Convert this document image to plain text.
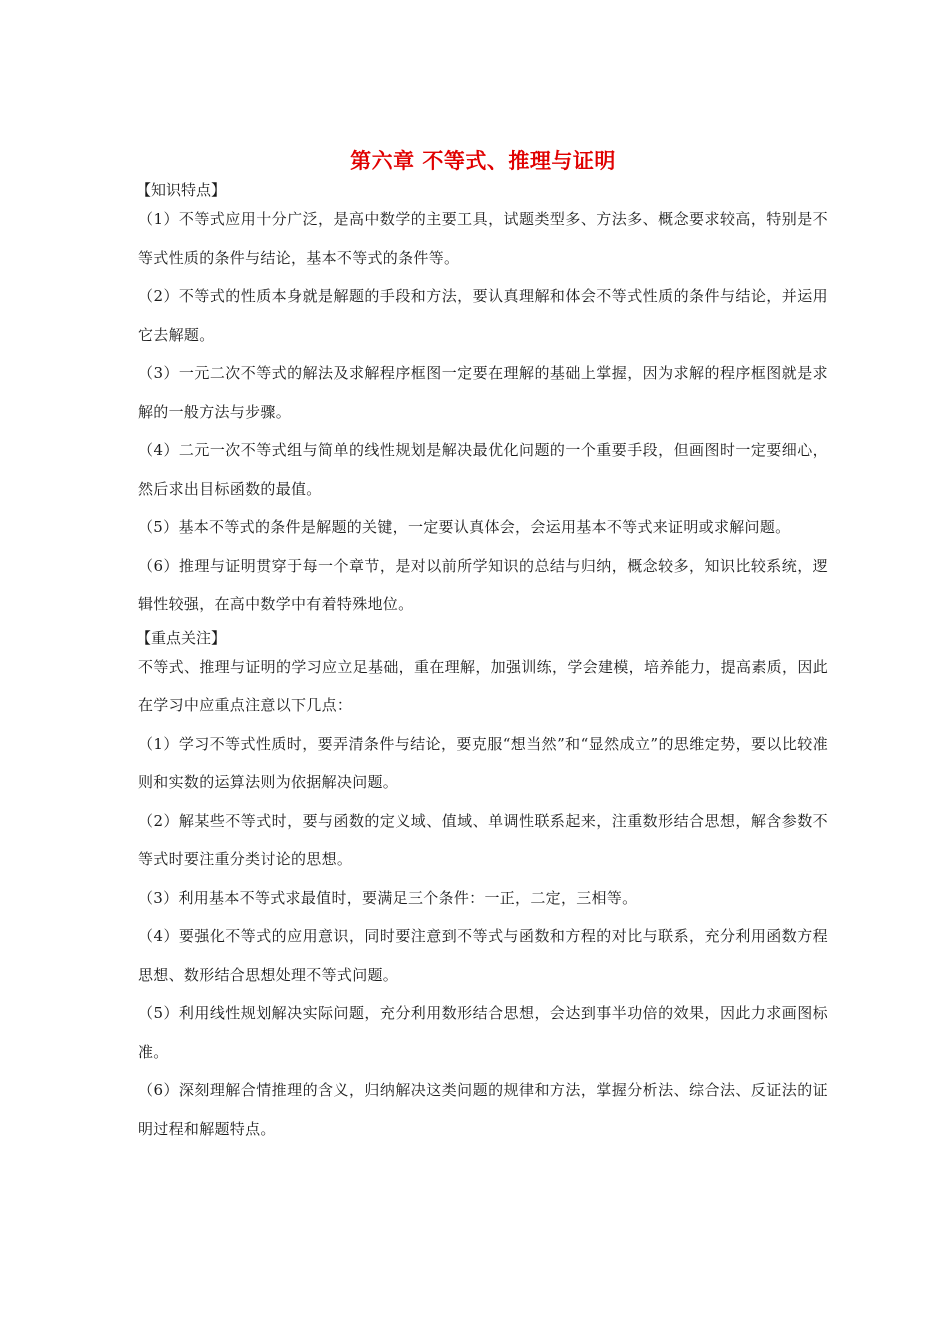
第六章 不等式、推理与证明
【知识特点】

（1）不等式应用十分广泛，是高中数学的主要工具，试题类型多、方法多、概念要求较高，特别是不等式性质的条件与结论，基本不等式的条件等。

（2）不等式的性质本身就是解题的手段和方法，要认真理解和体会不等式性质的条件与结论，并运用它去解题。

（3）一元二次不等式的解法及求解程序框图一定要在理解的基础上掌握，因为求解的程序框图就是求解的一般方法与步骤。

（4）二元一次不等式组与简单的线性规划是解决最优化问题的一个重要手段，但画图时一定要细心，然后求出目标函数的最值。

（5）基本不等式的条件是解题的关键，一定要认真体会，会运用基本不等式来证明或求解问题。

（6）推理与证明贯穿于每一个章节，是对以前所学知识的总结与归纳，概念较多，知识比较系统，逻辑性较强，在高中数学中有着特殊地位。

【重点关注】

不等式、推理与证明的学习应立足基础，重在理解，加强训练，学会建模，培养能力，提高素质，因此在学习中应重点注意以下几点：

（1）学习不等式性质时，要弄清条件与结论，要克服“想当然”和“显然成立”的思维定势，要以比较准则和实数的运算法则为依据解决问题。

（2）解某些不等式时，要与函数的定义域、值域、单调性联系起来，注重数形结合思想，解含参数不等式时要注重分类讨论的思想。

（3）利用基本不等式求最值时，要满足三个条件：一正，二定，三相等。

（4）要强化不等式的应用意识，同时要注意到不等式与函数和方程的对比与联系，充分利用函数方程思想、数形结合思想处理不等式问题。

（5）利用线性规划解决实际问题，充分利用数形结合思想，会达到事半功倍的效果，因此力求画图标准。

（6）深刻理解合情推理的含义，归纳解决这类问题的规律和方法，掌握分析法、综合法、反证法的证明过程和解题特点。
